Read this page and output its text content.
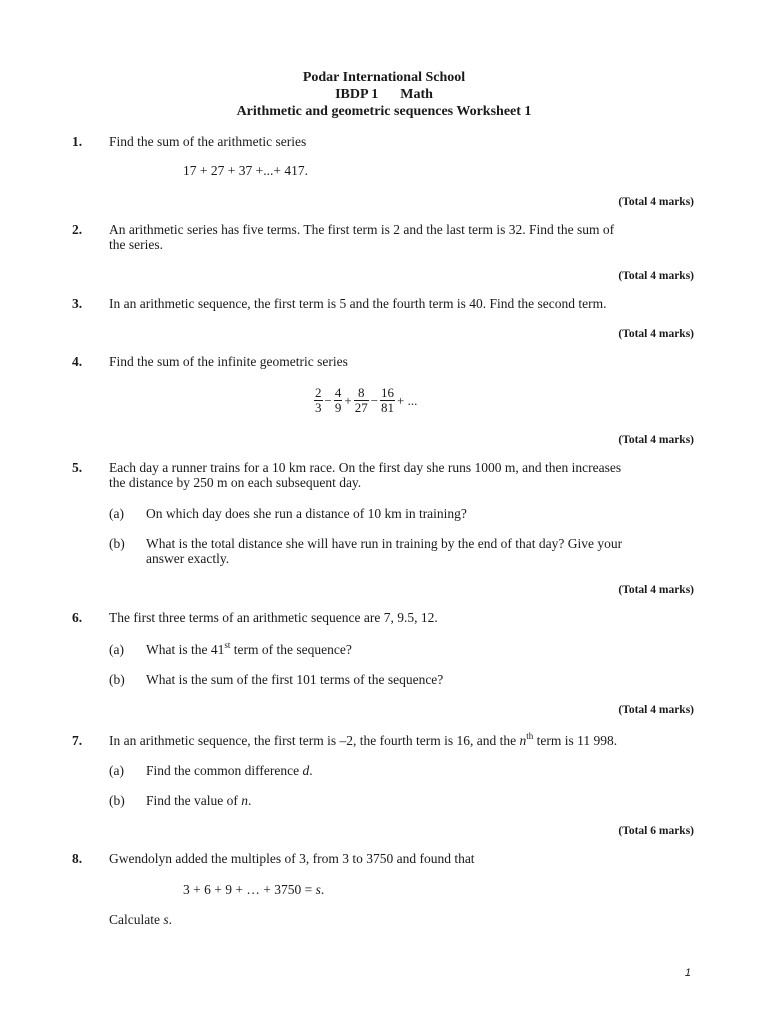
Podar International School
IBDP 1 Math
Arithmetic and geometric sequences Worksheet 1
1. Find the sum of the arithmetic series
17 + 27 + 37 +...+ 417.
(Total 4 marks)
2. An arithmetic series has five terms. The first term is 2 and the last term is 32. Find the sum of
the series.
(Total 4 marks)
3. In an arithmetic sequence, the first term is 5 and the fourth term is 40. Find the second term.
(Total 4 marks)
4. Find the sum of the infinite geometric series
$\frac{2}{3} - \frac{4}{9} + \frac{8}{27} - \frac{16}{81}$ + ...
(Total 4 marks)
5. Each day a runner trains for a 10 km race. On the first day she runs 1000 m, and then increases
the distance by 250 m on each subsequent day.
(a) On which day does she run a distance of 10 km in training?
(b) What is the total distance she will have run in training by the end of that day? Give your
answer exactly.
(Total 4 marks)
6. The first three terms of an arithmetic sequence are 7, 9.5, 12.
(a) What is the 41st term of the sequence?
(b) What is the sum of the first 101 terms of the sequence?
(Total 4 marks)
7. In an arithmetic sequence, the first term is –2, the fourth term is 16, and the $n^{th}$ term is 11 998.
(a) Find the common difference d.
(b) Find the value of n.
(Total 6 marks)
8. Gwendolyn added the multiples of 3, from 3 to 3750 and found that
3 + 6 + 9 + … + 3750 = s.
Calculate s.
1
